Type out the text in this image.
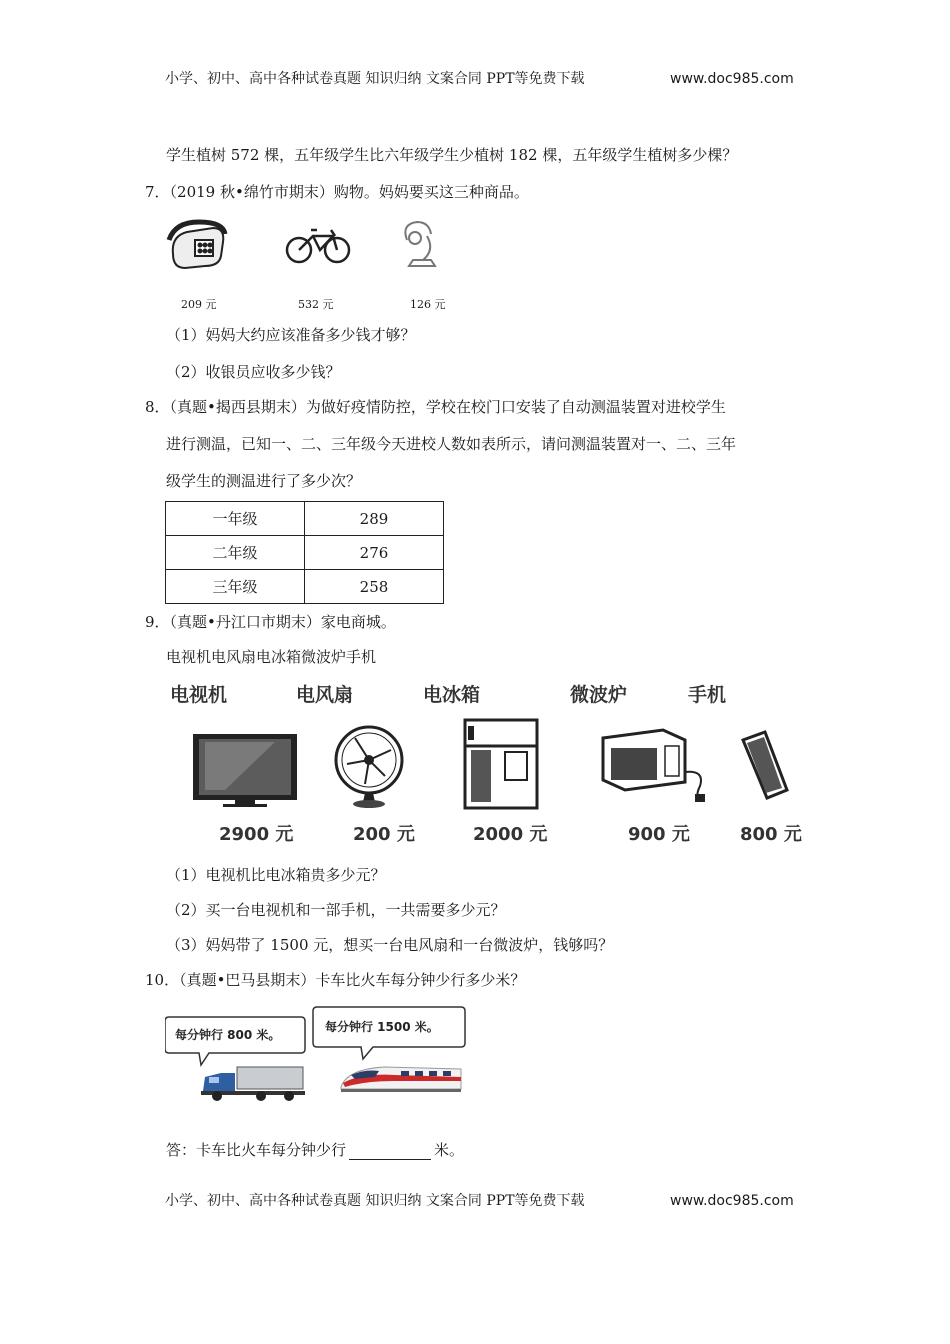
小学、初中、高中各种试卷真题 知识归纳 文案合同 PPT等免费下载	www.doc985.com
学生植树 572 棵，五年级学生比六年级学生少植树 182 棵，五年级学生植树多少棵？
7．（2019 秋•绵竹市期末）购物。妈妈要买这三种商品。
209 元	532 元	126 元
（1）妈妈大约应该准备多少钱才够？
（2）收银员应收多少钱？
8．（真题•揭西县期末）为做好疫情防控，学校在校门口安装了自动测温装置对进校学生
进行测温，已知一、二、三年级今天进校人数如表所示，请问测温装置对一、二、三年
级学生的测温进行了多少次？
一年级	289
二年级	276
三年级	258
9．（真题•丹江口市期末）家电商城。
电视机电风扇电冰箱微波炉手机
电视机	电风扇	电冰箱	微波炉	手机
2900 元	200 元	2000 元	900 元	800 元
（1）电视机比电冰箱贵多少元？
（2）买一台电视机和一部手机，一共需要多少元？
（3）妈妈带了 1500 元，想买一台电风扇和一台微波炉，钱够吗？
10．（真题•巴马县期末）卡车比火车每分钟少行多少米？
每分钟行 800 米。
每分钟行 1500 米。
答：卡车比火车每分钟少行	米。
小学、初中、高中各种试卷真题 知识归纳 文案合同 PPT等免费下载	www.doc985.com
